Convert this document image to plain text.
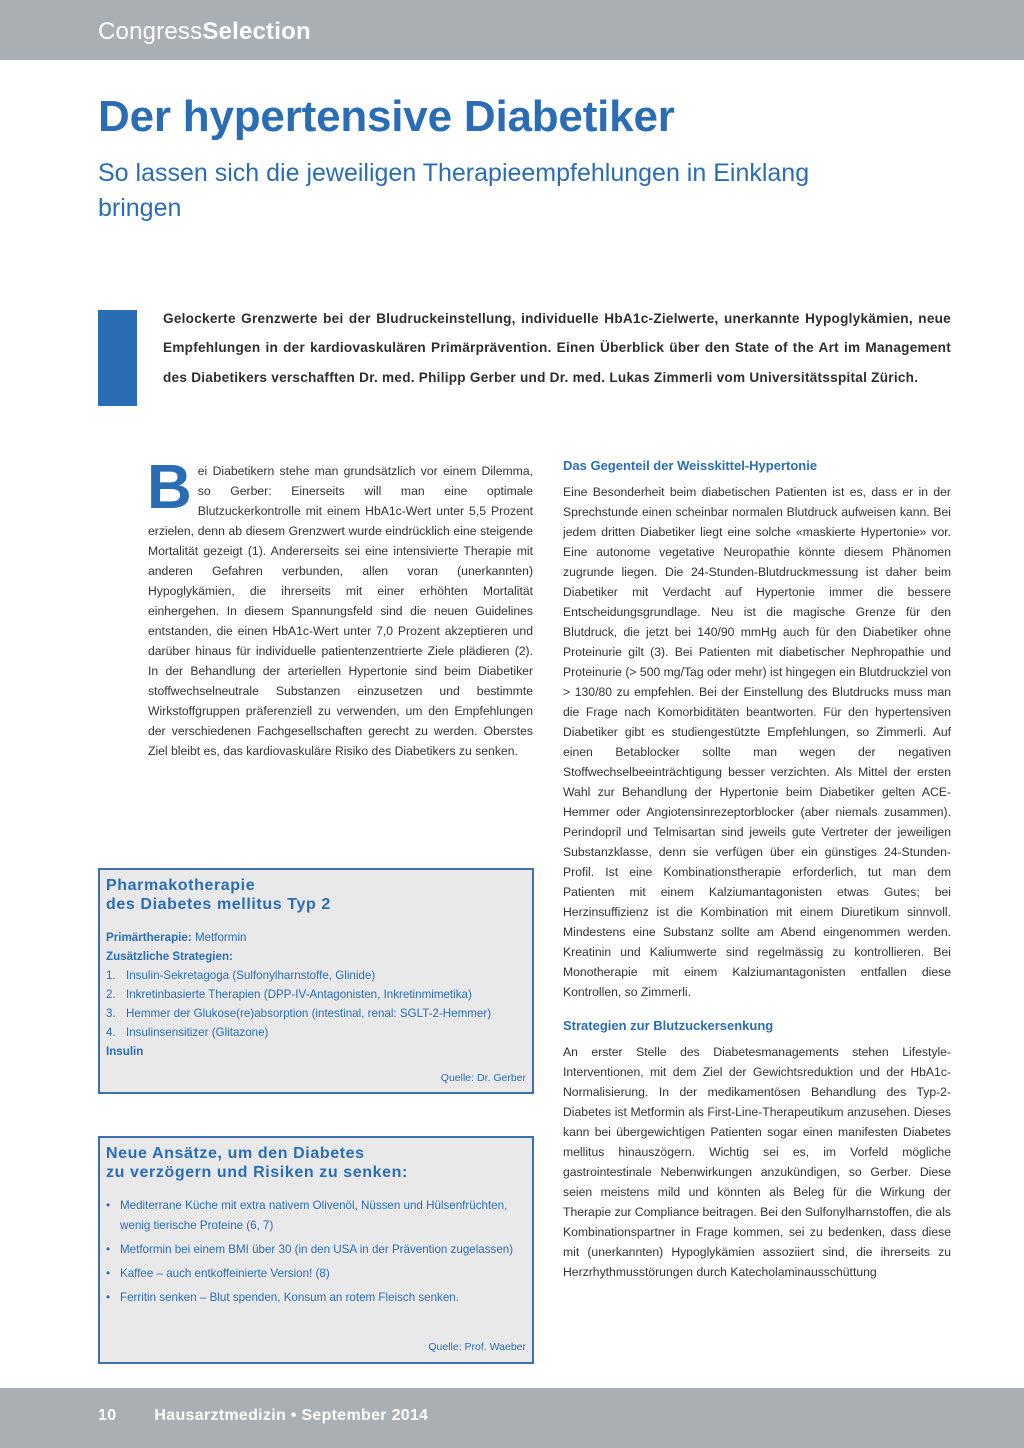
CongressSelection
Der hypertensive Diabetiker
So lassen sich die jeweiligen Therapieempfehlungen in Einklang bringen

Gelockerte Grenzwerte bei der Bludruckeinstellung, individuelle HbA1c-Zielwerte, unerkannte Hypoglykämien, neue Empfehlungen in der kardiovaskulären Primärprävention. Einen Überblick über den State of the Art im Management des Diabetikers verschafften Dr. med. Philipp Gerber und Dr. med. Lukas Zimmerli vom Universitätsspital Zürich.

Bei Diabetikern stehe man grundsätzlich vor einem Dilemma, so Gerber: Einerseits will man eine optimale Blutzuckerkontrolle mit einem HbA1c-Wert unter 5,5 Prozent erzielen, denn ab diesem Grenzwert wurde eindrücklich eine steigende Mortalität gezeigt (1). Andererseits sei eine intensivierte Therapie mit anderen Gefahren verbunden, allen voran (unerkannten) Hypoglykämien, die ihrerseits mit einer erhöhten Mortalität einhergehen. In diesem Spannungsfeld sind die neuen Guidelines entstanden, die einen HbA1c-Wert unter 7,0 Prozent akzeptieren und darüber hinaus für individuelle patientenzentrierte Ziele plädieren (2). In der Behandlung der arteriellen Hypertonie sind beim Diabetiker stoffwechselneutrale Substanzen einzusetzen und bestimmte Wirkstoffgruppen präferenziell zu verwenden, um den Empfehlungen der verschiedenen Fachgesellschaften gerecht zu werden. Oberstes Ziel bleibt es, das kardiovaskuläre Risiko des Diabetikers zu senken.

Pharmakotherapie
des Diabetes mellitus Typ 2
Primärtherapie: Metformin
Zusätzliche Strategien:
1. Insulin-Sekretagoga (Sulfonylharnstoffe, Glinide)
2. Inkretinbasierte Therapien (DPP-IV-Antagonisten, Inkretinmimetika)
3. Hemmer der Glukose(re)absorption (intestinal, renal: SGLT-2-Hemmer)
4. Insulinsensitizer (Glitazone)
Insulin
Quelle: Dr. Gerber
Neue Ansätze, um den Diabetes
zu verzögern und Risiken zu senken:
• Mediterrane Küche mit extra nativem Olivenöl, Nüssen und Hülsenfrüchten, wenig tierische Proteine (6, 7)
• Metformin bei einem BMI über 30 (in den USA in der Prävention zugelassen)
• Kaffee – auch entkoffeinierte Version! (8)
• Ferritin senken – Blut spenden, Konsum an rotem Fleisch senken.
Quelle: Prof. Waeber
Das Gegenteil der Weisskittel-Hypertonie

Eine Besonderheit beim diabetischen Patienten ist es, dass er in der Sprechstunde einen scheinbar normalen Blutdruck aufweisen kann. Bei jedem dritten Diabetiker liegt eine solche «maskierte Hypertonie» vor. Eine autonome vegetative Neuropathie könnte diesem Phänomen zugrunde liegen. Die 24-Stunden-Blutdruckmessung ist daher beim Diabetiker mit Verdacht auf Hypertonie immer die bessere Entscheidungsgrundlage. Neu ist die magische Grenze für den Blutdruck, die jetzt bei 140/90 mmHg auch für den Diabetiker ohne Proteinurie gilt (3). Bei Patienten mit diabetischer Nephropathie und Proteinurie (> 500 mg/Tag oder mehr) ist hingegen ein Blutdruckziel von > 130/80 zu empfehlen. Bei der Einstellung des Blutdrucks muss man die Frage nach Komorbiditäten beantworten. Für den hypertensiven Diabetiker gibt es studiengestützte Empfehlungen, so Zimmerli. Auf einen Betablocker sollte man wegen der negativen Stoffwechselbeeinträchtigung besser verzichten. Als Mittel der ersten Wahl zur Behandlung der Hypertonie beim Diabetiker gelten ACE-Hemmer oder Angiotensinrezeptorblocker (aber niemals zusammen). Perindopril und Telmisartan sind jeweils gute Vertreter der jeweiligen Substanzklasse, denn sie verfügen über ein günstiges 24-Stunden-Profil. Ist eine Kombinationstherapie erforderlich, tut man dem Patienten mit einem Kalziumantagonisten etwas Gutes; bei Herzinsuffizienz ist die Kombination mit einem Diuretikum sinnvoll. Mindestens eine Substanz sollte am Abend eingenommen werden. Kreatinin und Kaliumwerte sind regelmässig zu kontrollieren. Bei Monotherapie mit einem Kalziumantagonisten entfallen diese Kontrollen, so Zimmerli.

Strategien zur Blutzuckersenkung

An erster Stelle des Diabetesmanagements stehen Lifestyle-Interventionen, mit dem Ziel der Gewichtsreduktion und der HbA1c-Normalisierung. In der medikamentösen Behandlung des Typ-2-Diabetes ist Metformin als First-Line-Therapeutikum anzusehen. Dieses kann bei übergewichtigen Patienten sogar einen manifesten Diabetes mellitus hinauszögern. Wichtig sei es, im Vorfeld mögliche gastrointestinale Nebenwirkungen anzukündigen, so Gerber. Diese seien meistens mild und könnten als Beleg für die Wirkung der Therapie zur Compliance beitragen. Bei den Sulfonylharnstoffen, die als Kombinationspartner in Frage kommen, sei zu bedenken, dass diese mit (unerkannten) Hypoglykämien assoziiert sind, die ihrerseits zu Herzrhythmusstörungen durch Katecholaminausschüttung

10 Hausarztmedizin • September 2014
